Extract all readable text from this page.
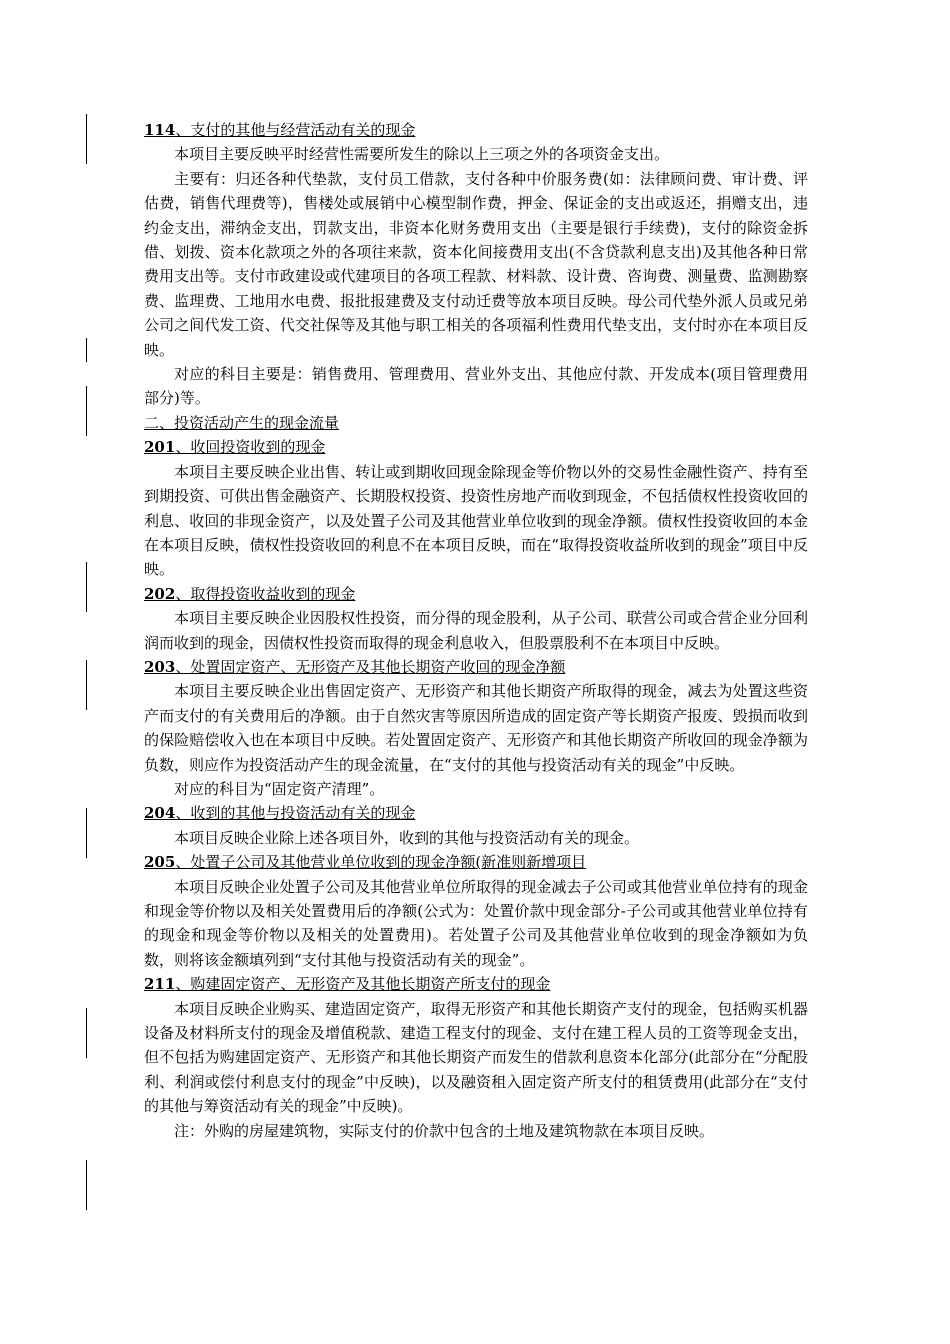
114、支付的其他与经营活动有关的现金

本项目主要反映平时经营性需要所发生的除以上三项之外的各项资金支出。

主要有：归还各种代垫款，支付员工借款，支付各种中价服务费(如：法律顾问费、审计费、评估费，销售代理费等)，售楼处或展销中心模型制作费，押金、保证金的支出或返还，捐赠支出，违约金支出，滞纳金支出，罚款支出，非资本化财务费用支出（主要是银行手续费)，支付的除资金拆借、划拨、资本化款项之外的各项往来款，资本化间接费用支出(不含贷款利息支出)及其他各种日常费用支出等。支付市政建设或代建项目的各项工程款、材料款、设计费、咨询费、测量费、监测勘察费、监理费、工地用水电费、报批报建费及支付动迁费等放本项目反映。母公司代垫外派人员或兄弟公司之间代发工资、代交社保等及其他与职工相关的各项福利性费用代垫支出，支付时亦在本项目反映。

对应的科目主要是：销售费用、管理费用、营业外支出、其他应付款、开发成本(项目管理费用部分)等。

二、投资活动产生的现金流量

201、收回投资收到的现金

本项目主要反映企业出售、转让或到期收回现金除现金等价物以外的交易性金融性资产、持有至到期投资、可供出售金融资产、长期股权投资、投资性房地产而收到现金，不包括债权性投资收回的利息、收回的非现金资产，以及处置子公司及其他营业单位收到的现金净额。债权性投资收回的本金在本项目反映，债权性投资收回的利息不在本项目反映，而在“取得投资收益所收到的现金”项目中反映。

202、取得投资收益收到的现金

本项目主要反映企业因股权性投资，而分得的现金股利，从子公司、联营公司或合营企业分回利润而收到的现金，因债权性投资而取得的现金利息收入，但股票股利不在本项目中反映。

203、处置固定资产、无形资产及其他长期资产收回的现金净额

本项目主要反映企业出售固定资产、无形资产和其他长期资产所取得的现金，减去为处置这些资产而支付的有关费用后的净额。由于自然灾害等原因所造成的固定资产等长期资产报废、毁损而收到的保险赔偿收入也在本项目中反映。若处置固定资产、无形资产和其他长期资产所收回的现金净额为负数，则应作为投资活动产生的现金流量，在“支付的其他与投资活动有关的现金”中反映。

对应的科目为“固定资产清理”。

204、收到的其他与投资活动有关的现金

本项目反映企业除上述各项目外，收到的其他与投资活动有关的现金。

205、处置子公司及其他营业单位收到的现金净额(新准则新增项目

本项目反映企业处置子公司及其他营业单位所取得的现金减去子公司或其他营业单位持有的现金和现金等价物以及相关处置费用后的净额(公式为：处置价款中现金部分-子公司或其他营业单位持有的现金和现金等价物以及相关的处置费用)。若处置子公司及其他营业单位收到的现金净额如为负数，则将该金额填列到“支付其他与投资活动有关的现金”。

211、购建固定资产、无形资产及其他长期资产所支付的现金

本项目反映企业购买、建造固定资产，取得无形资产和其他长期资产支付的现金，包括购买机器设备及材料所支付的现金及增值税款、建造工程支付的现金、支付在建工程人员的工资等现金支出，但不包括为购建固定资产、无形资产和其他长期资产而发生的借款利息资本化部分(此部分在“分配股利、利润或偿付利息支付的现金”中反映)，以及融资租入固定资产所支付的租赁费用(此部分在“支付的其他与筹资活动有关的现金”中反映)。

注：外购的房屋建筑物，实际支付的价款中包含的土地及建筑物款在本项目反映。
